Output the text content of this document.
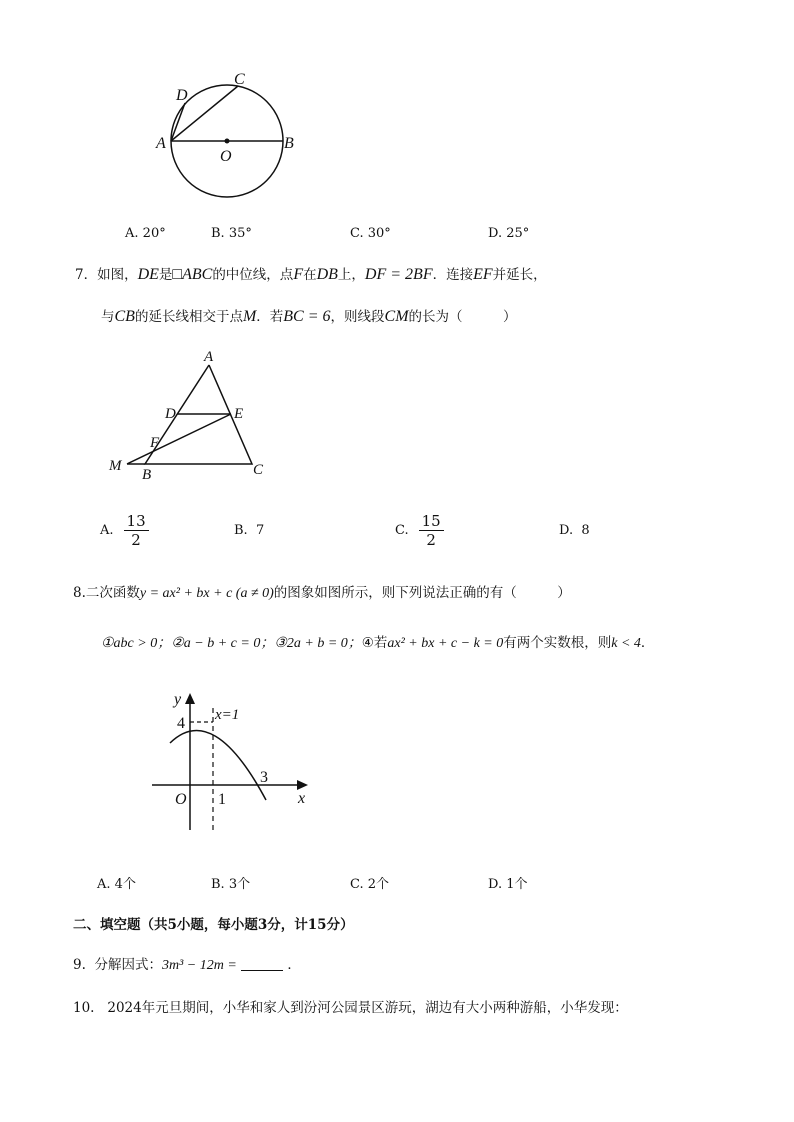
D
C
A
O
B
A. 20°	B. 35°	C. 30°	D. 25°
7．如图，DE是□ABC的中位线，点F在DB上，DF = 2BF．连接EF并延长，
与CB的延长线相交于点M．若BC = 6，则线段CM的长为（　　　）
A
D	E
F
M
B	C
A. $\frac{13}{2}$	B. 7	C. $\frac{15}{2}$	D. 8
8.二次函数y = ax² + bx + c (a ≠ 0)的图象如图所示，则下列说法正确的有（　　　）
①abc > 0；②a − b + c = 0；③2a + b = 0；④若ax² + bx + c − k = 0有两个实数根，则k < 4．
y
x=1
4
3
O 1	x
A. 4个	B. 3个	C. 2个	D. 1个
二、填空题（共5小题，每小题3分，计15分）
9. 分解因式：3m³ − 12m =	．
10. 2024年元旦期间，小华和家人到汾河公园景区游玩，湖边有大小两种游船，小华发现：
